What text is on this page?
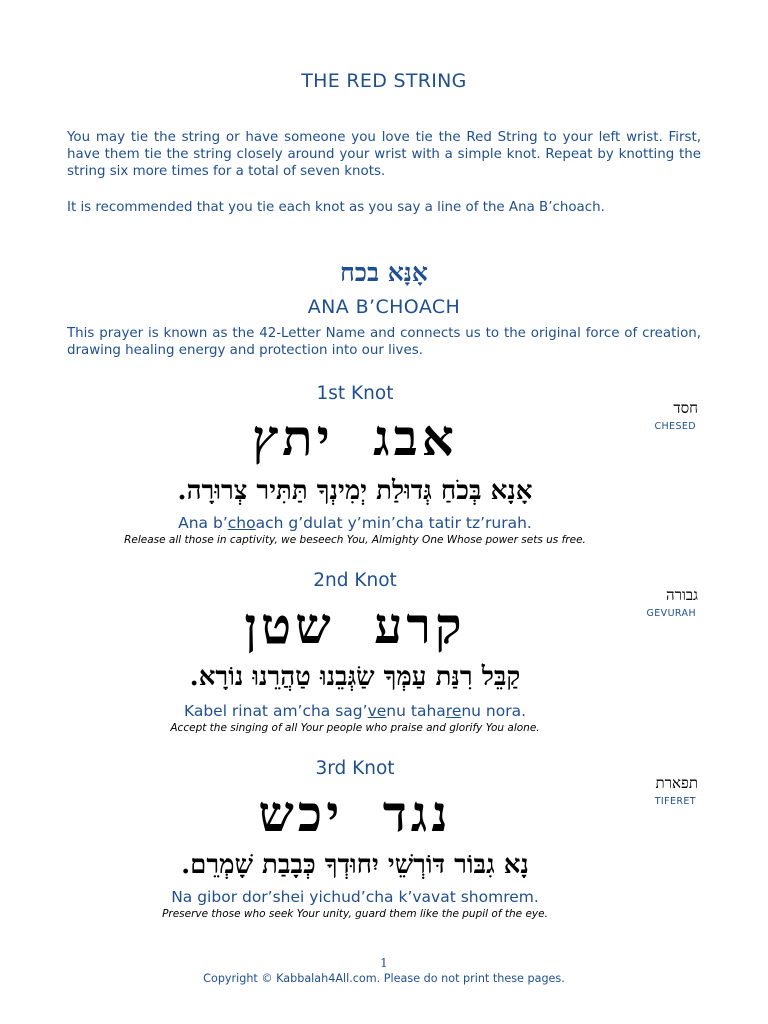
THE RED STRING
You may tie the string or have someone you love tie the Red String to your left wrist. First, have them tie the string closely around your wrist with a simple knot. Repeat by knotting the string six more times for a total of seven knots.
It is recommended that you tie each knot as you say a line of the Ana B’choach.
אָנָּא בכח
ANA B’CHOACH
This prayer is known as the 42-Letter Name and connects us to the original force of creation, drawing healing energy and protection into our lives.
1st Knot
חסד
CHESED
אבג יתץ
אָנָא בְּכֹחַ גְּדוּלַת יְמִינְךָ תַּתִּיר צְרוּרָה.
Ana b’choach g’dulat y’min’cha tatir tz’rurah.
Release all those in captivity, we beseech You, Almighty One Whose power sets us free.
2nd Knot
גבורה
GEVURAH
קרע שטן
קַבֵּל רִנַּת עַמְּךָ שַׂגְּבֵנוּ טַהֲרֵנוּ נוֹרָא.
Kabel rinat am’cha sag’venu taharenu nora.
Accept the singing of all Your people who praise and glorify You alone.
3rd Knot
תפארת
TIFERET
נגד יכש
נָא גִבּוֹר דּוֹרְשֵׁי יִחוּדְךָ כְּבָבַת שָׁמְרֵם.
Na gibor dor’shei yichud’cha k’vavat shomrem.
Preserve those who seek Your unity, guard them like the pupil of the eye.
1
Copyright © Kabbalah4All.com. Please do not print these pages.
